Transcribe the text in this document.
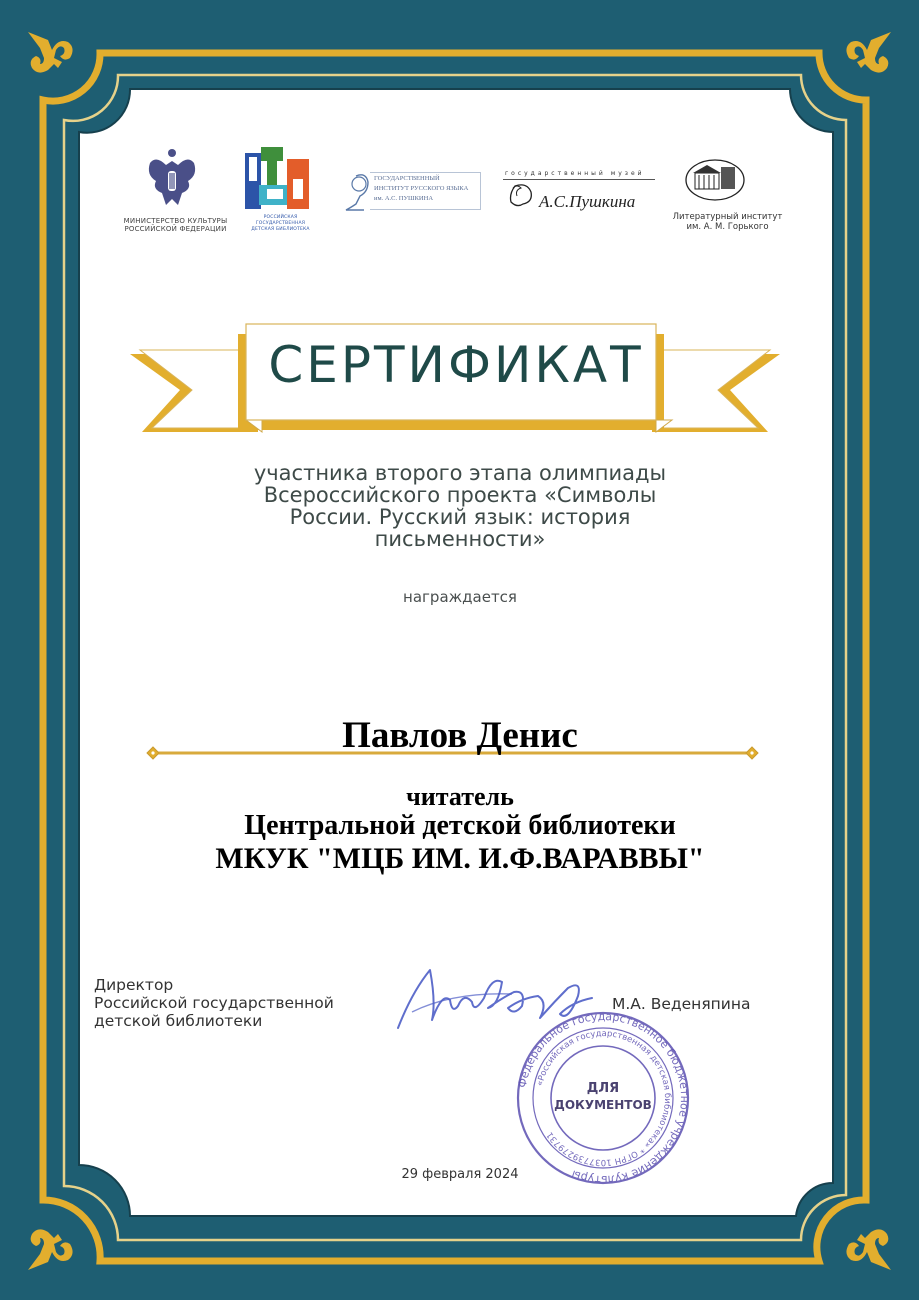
МИНИСТЕРСТВО КУЛЬТУРЫ
РОССИЙСКОЙ ФЕДЕРАЦИИ
РОССИЙСКАЯ ГОСУДАРСТВЕННАЯ
ДЕТСКАЯ БИБЛИОТЕКА
ГОСУДАРСТВЕННЫЙ
ИНСТИТУТ РУССКОГО ЯЗЫКА
им. А.С. ПУШКИНА
государственный музей
А.С.Пушкина
Литературный институт
им. А. М. Горького
СЕРТИФИКАТ
участника второго этапа олимпиады
Всероссийского проекта «Символы
России. Русский язык: история
письменности»
награждается
Павлов Денис
читатель
Центральной детской библиотеки
МКУК "МЦБ ИМ. И.Ф.ВАРАВВЫ"
Директор
Российской государственной
детской библиотеки
Федеральное государственное бюджетное учреждение культуры
«Российская государственная детская библиотека» * ОГРН 1037739279731
ДЛЯ
ДОКУМЕНТОВ
М.А. Веденяпина
29 февраля 2024
